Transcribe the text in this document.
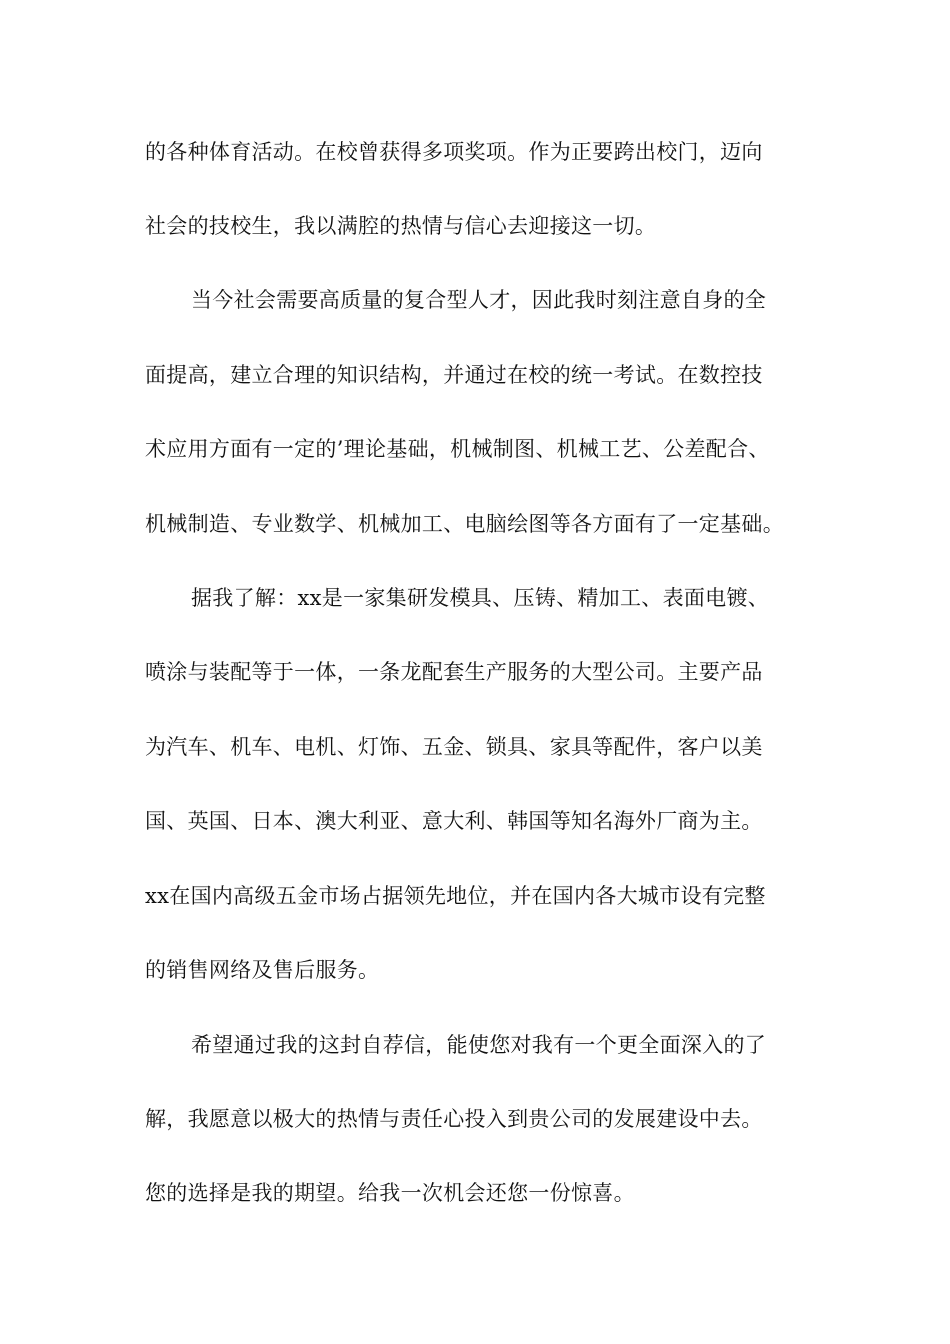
的各种体育活动。在校曾获得多项奖项。作为正要跨出校门，迈向
社会的技校生，我以满腔的热情与信心去迎接这一切。
当今社会需要高质量的复合型人才，因此我时刻注意自身的全
面提高，建立合理的知识结构，并通过在校的统一考试。在数控技
术应用方面有一定的’理论基础，机械制图、机械工艺、公差配合、
机械制造、专业数学、机械加工、电脑绘图等各方面有了一定基础。
据我了解：xx是一家集研发模具、压铸、精加工、表面电镀、
喷涂与装配等于一体，一条龙配套生产服务的大型公司。主要产品
为汽车、机车、电机、灯饰、五金、锁具、家具等配件，客户以美
国、英国、日本、澳大利亚、意大利、韩国等知名海外厂商为主。
xx在国内高级五金市场占据领先地位，并在国内各大城市设有完整
的销售网络及售后服务。
希望通过我的这封自荐信，能使您对我有一个更全面深入的了
解，我愿意以极大的热情与责任心投入到贵公司的发展建设中去。
您的选择是我的期望。给我一次机会还您一份惊喜。
